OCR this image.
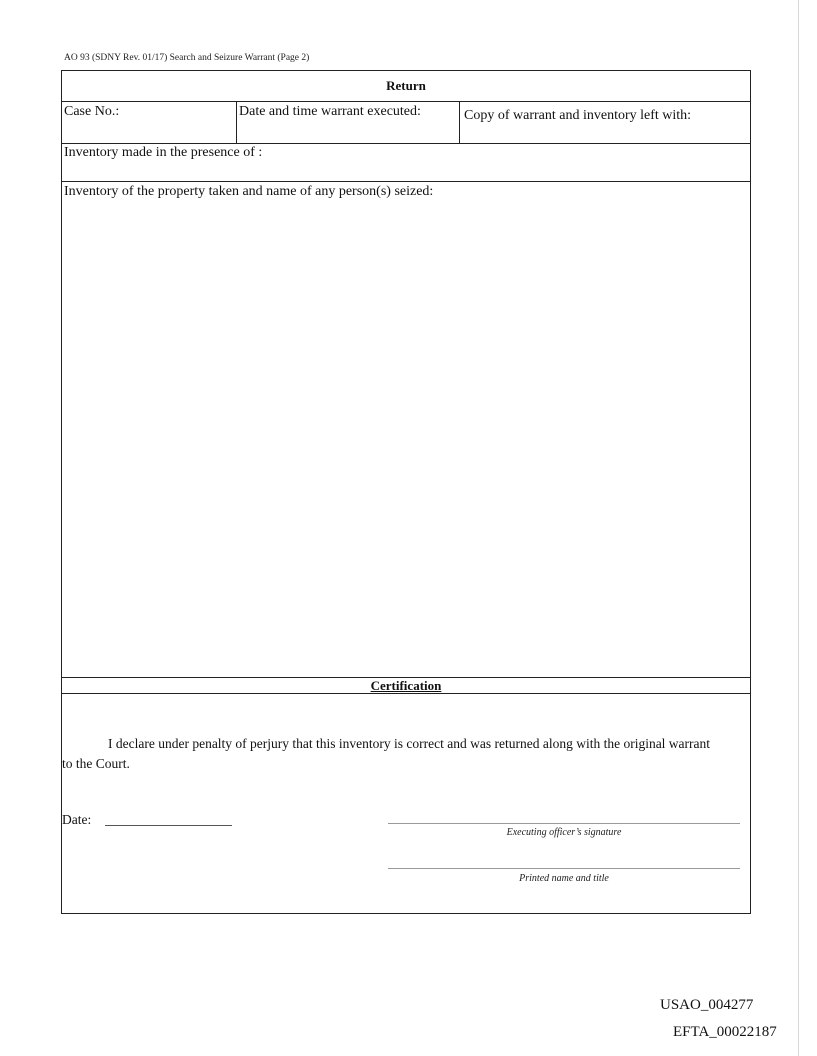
AO 93 (SDNY Rev. 01/17) Search and Seizure Warrant (Page 2)
Return
Case No.:	Date and time warrant executed:	Copy of warrant and inventory left with:
Inventory made in the presence of :
Inventory of the property taken and name of any person(s) seized:
Certification
I declare under penalty of perjury that this inventory is correct and was returned along with the original warrant
to the Court.
Date:
Executing officer’s signature
Printed name and title
USAO_004277
EFTA_00022187
